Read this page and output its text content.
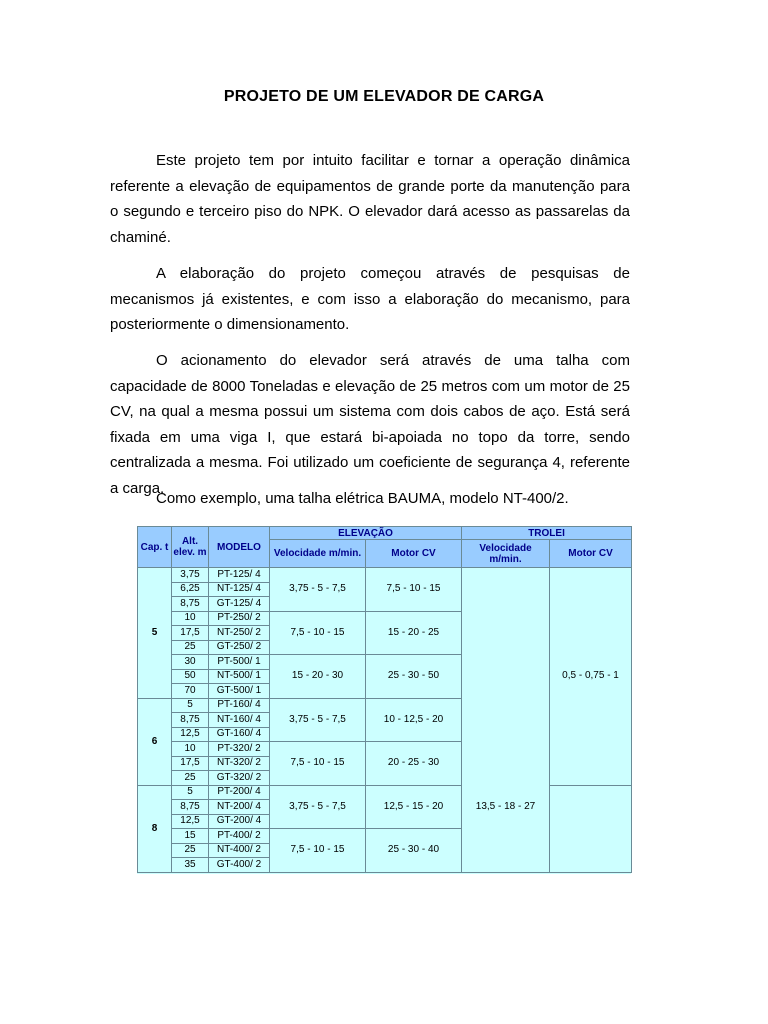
PROJETO DE UM ELEVADOR DE CARGA

Este projeto tem por intuito facilitar e tornar a operação dinâmica referente a elevação de equipamentos de grande porte da manutenção para o segundo e terceiro piso do NPK. O elevador dará acesso as passarelas da chaminé.

A elaboração do projeto começou através de pesquisas de mecanismos já existentes, e com isso a elaboração do mecanismo, para posteriormente o dimensionamento.

O acionamento do elevador será através de uma talha com capacidade de 8000 Toneladas e elevação de 25 metros com um motor de 25 CV, na qual a mesma possui um sistema com dois cabos de aço. Está será fixada em uma viga I, que estará bi-apoiada no topo da torre, sendo centralizada a mesma. Foi utilizado um coeficiente de segurança 4, referente a carga.

Como exemplo, uma talha elétrica BAUMA, modelo NT-400/2.

Cap. t	Alt. elev. m	MODELO	ELEVAÇÃO		TROLEI	
			Velocidade m/min.	Motor CV	Velocidade m/min.	Motor CV
5	3,75	PT-125/ 4	3,75 - 5 - 7,5	7,5 - 10 - 15		0,5 - 0,75 - 1
	6,25	NT-125/ 4				
	8,75	GT-125/ 4				
	10	PT-250/ 2	7,5 - 10 - 15	15 - 20 - 25		
	17,5	NT-250/ 2				
	25	GT-250/ 2				
	30	PT-500/ 1	15 - 20 - 30	25 - 30 - 50		
	50	NT-500/ 1				
	70	GT-500/ 1				
6	5	PT-160/ 4	3,75 - 5 - 7,5	10 - 12,5 - 20		
	8,75	NT-160/ 4				
	12,5	GT-160/ 4				
	10	PT-320/ 2	7,5 - 10 - 15	20 - 25 - 30	13,5 - 18 - 27	
	17,5	NT-320/ 2				
	25	GT-320/ 2				
8	5	PT-200/ 4	3,75 - 5 - 7,5	12,5 - 15 - 20		
	8,75	NT-200/ 4				
	12,5	GT-200/ 4				
	15	PT-400/ 2	7,5 - 10 - 15	25 - 30 - 40		
	25	NT-400/ 2				
	35	GT-400/ 2				
